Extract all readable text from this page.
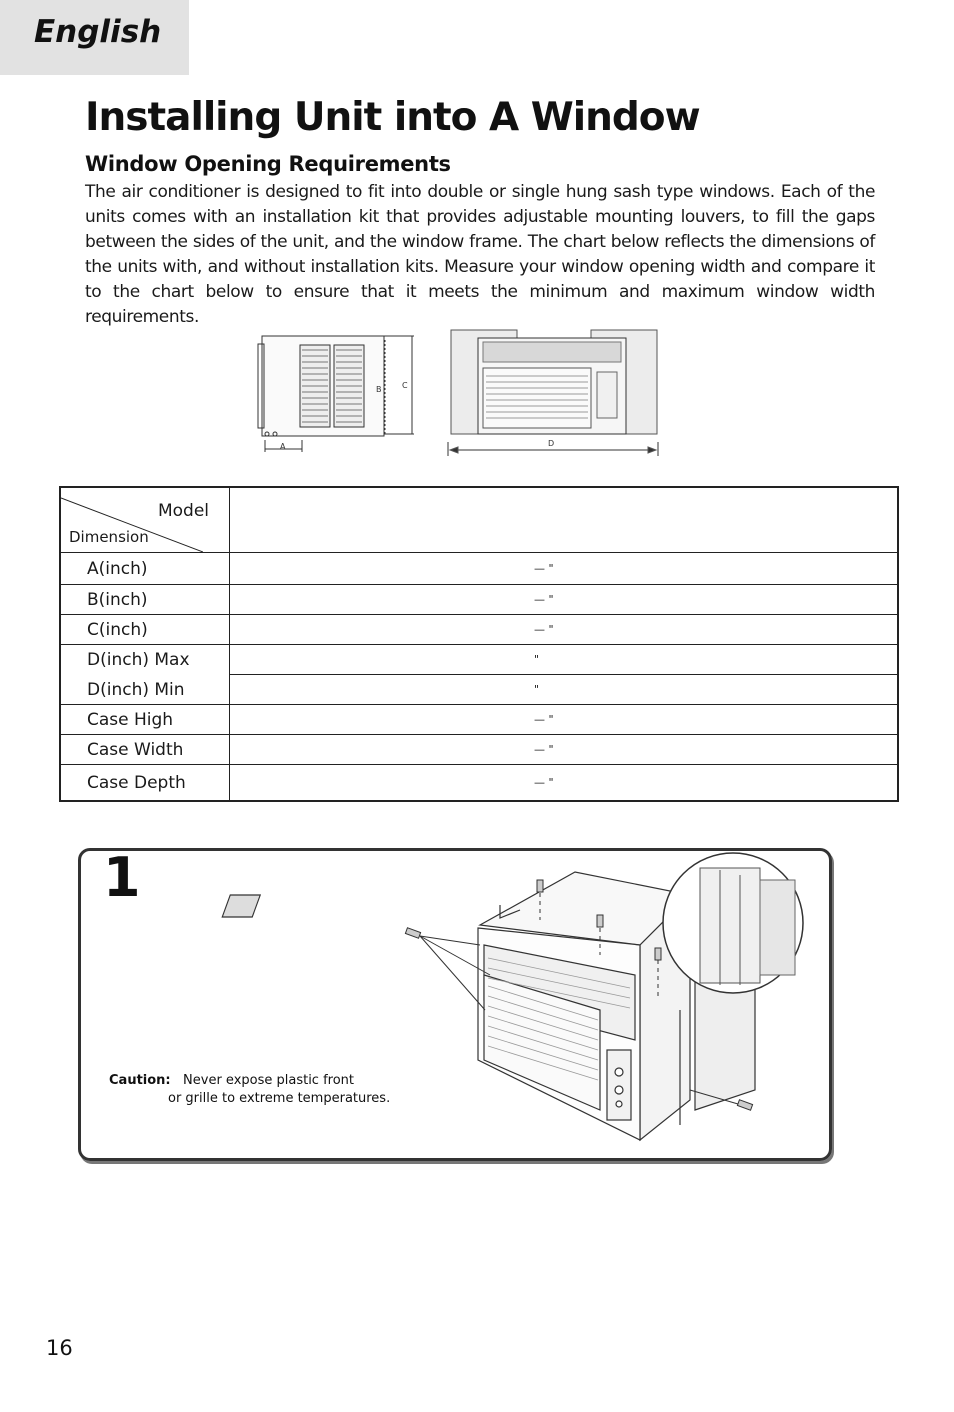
English
Installing Unit into A Window
Window Opening Requirements

The air conditioner is designed to fit into double or single hung sash type windows. Each of the units comes with an installation kit that provides adjustable mounting louvers, to fill the gaps between the sides of the unit, and the window frame. The chart below reflects the dimensions of the units with, and without installation kits. Measure your window opening width and compare it to the chart below to ensure that it meets the minimum and maximum window width requirements.

B	C
A	D
Model
Dimension	

A(inch)	— "
B(inch)	— "
C(inch)	— "
D(inch) Max	"
D(inch) Min	"
Case High	— "
Case Width	— "
Case Depth	— "
1
Caution: Never expose plastic front
or grille to extreme temperatures.
16
